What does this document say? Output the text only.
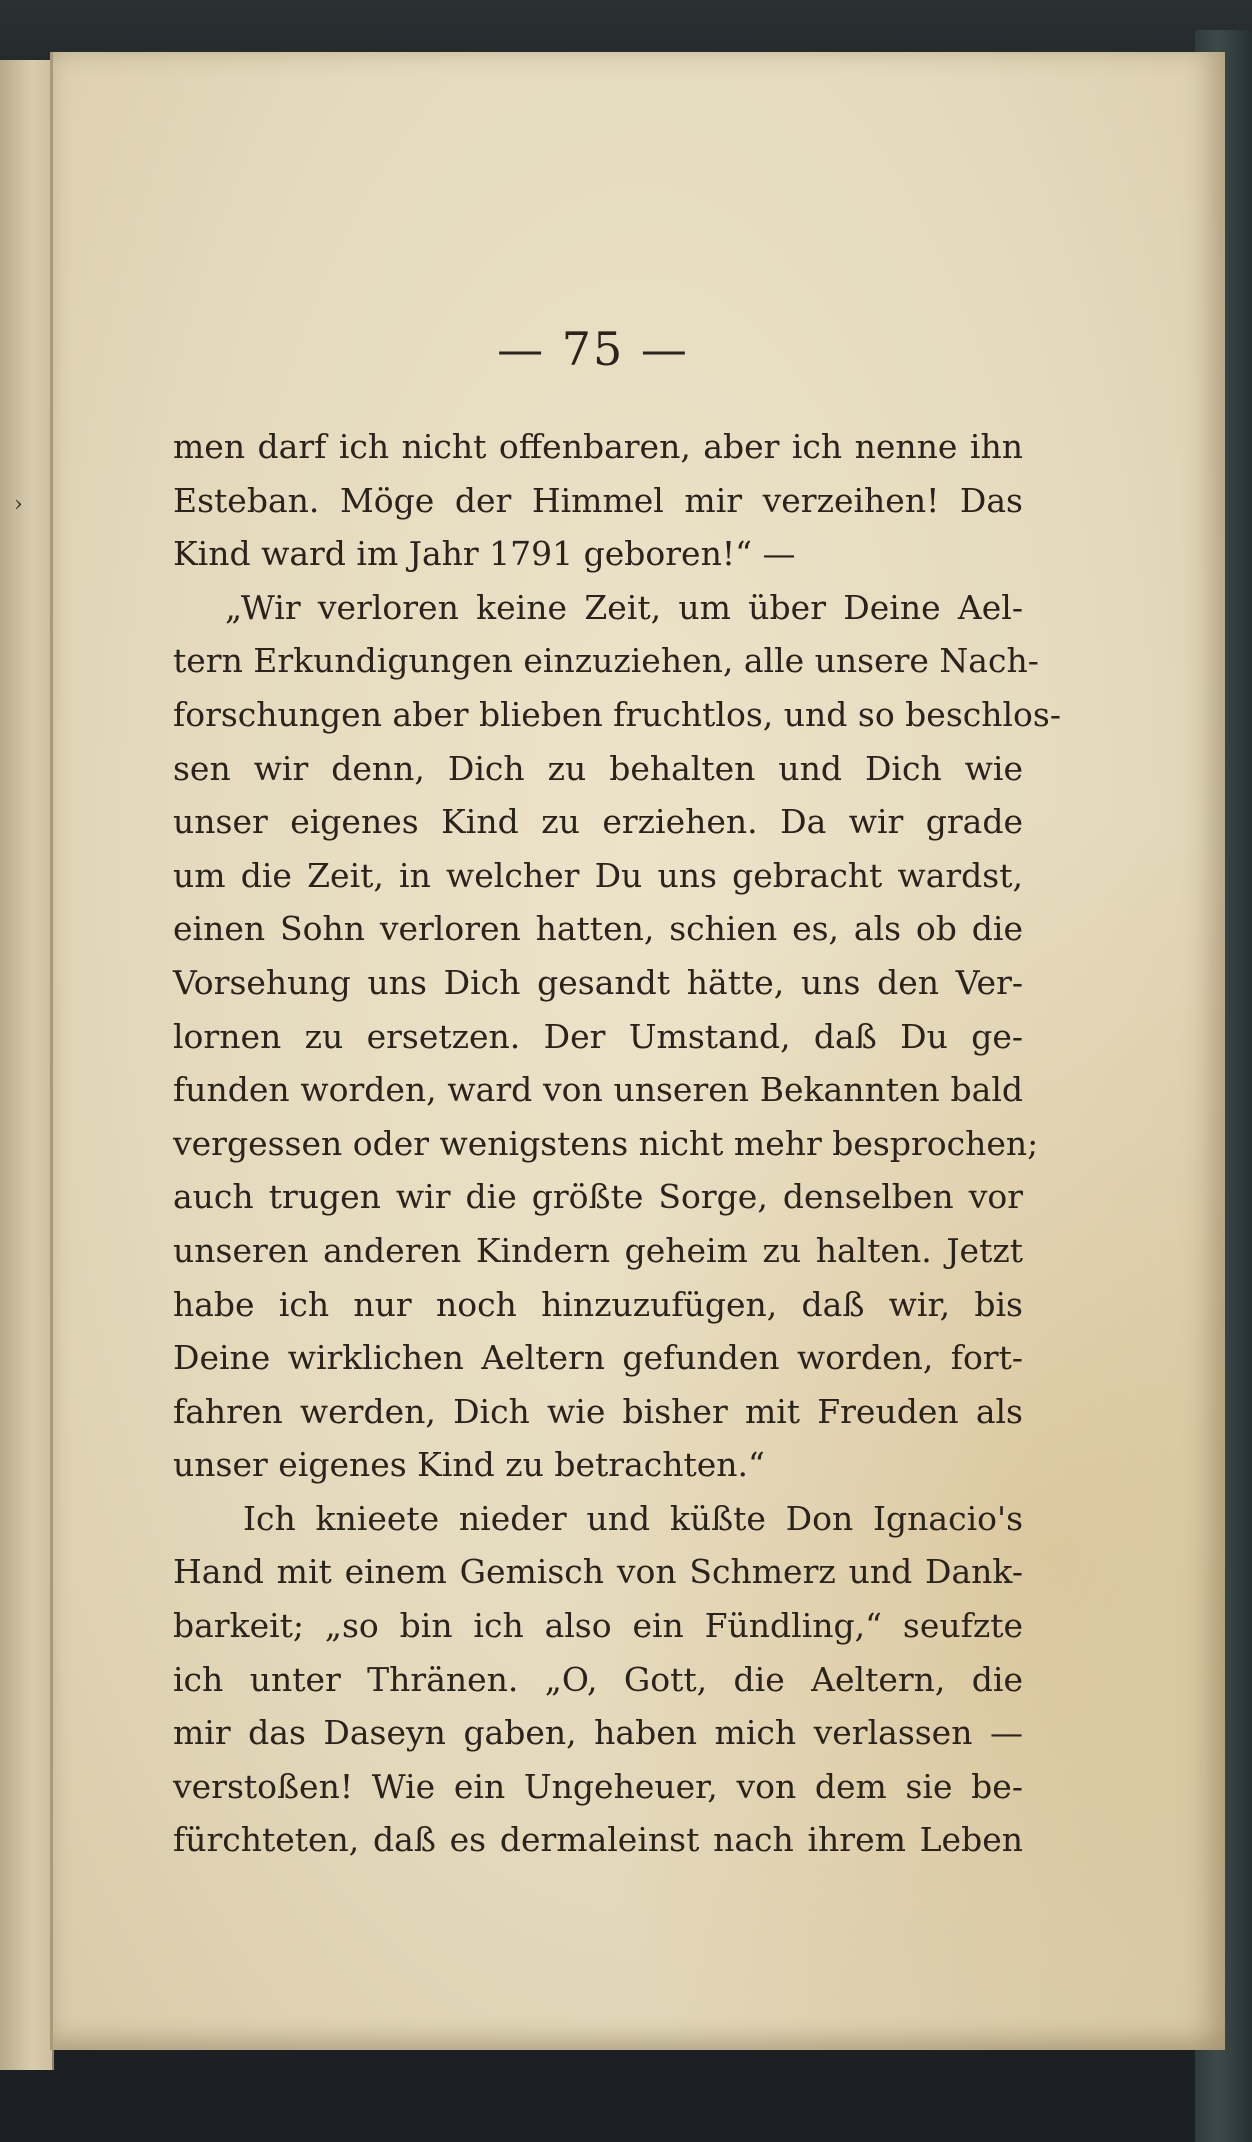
›
— 75 —
men darf ich nicht offenbaren, aber ich nenne ihn
Esteban. Möge der Himmel mir verzeihen! Das
Kind ward im Jahr 1791 geboren!“ —
„Wir verloren keine Zeit, um über Deine Ael-
tern Erkundigungen einzuziehen, alle unsere Nach-
forschungen aber blieben fruchtlos, und so beschlos-
sen wir denn, Dich zu behalten und Dich wie
unser eigenes Kind zu erziehen. Da wir grade
um die Zeit, in welcher Du uns gebracht wardst,
einen Sohn verloren hatten, schien es, als ob die
Vorsehung uns Dich gesandt hätte, uns den Ver-
lornen zu ersetzen. Der Umstand, daß Du ge-
funden worden, ward von unseren Bekannten bald
vergessen oder wenigstens nicht mehr besprochen;
auch trugen wir die größte Sorge, denselben vor
unseren anderen Kindern geheim zu halten. Jetzt
habe ich nur noch hinzuzufügen, daß wir, bis
Deine wirklichen Aeltern gefunden worden, fort-
fahren werden, Dich wie bisher mit Freuden als
unser eigenes Kind zu betrachten.“
Ich knieete nieder und küßte Don Ignacio's
Hand mit einem Gemisch von Schmerz und Dank-
barkeit; „so bin ich also ein Fündling,“ seufzte
ich unter Thränen. „O, Gott, die Aeltern, die
mir das Daseyn gaben, haben mich verlassen —
verstoßen! Wie ein Ungeheuer, von dem sie be-
fürchteten, daß es dermaleinst nach ihrem Leben
